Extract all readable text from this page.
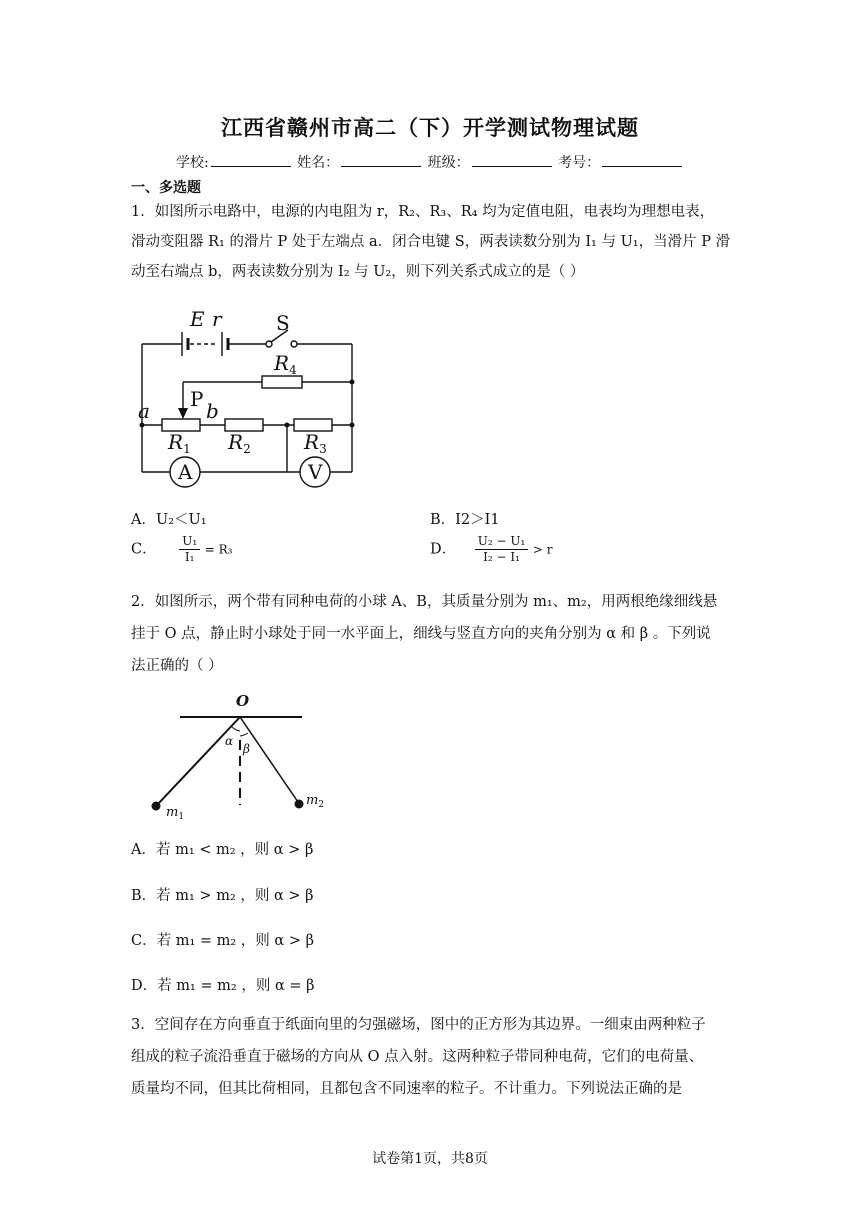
江西省赣州市高二（下）开学测试物理试题
学校:	姓名：	班级：	考号：
一、多选题
1．如图所示电路中，电源的内电阻为 r，R₂、R₃、R₄ 均为定值电阻，电表均为理想电表，
滑动变阻器 R₁ 的滑片 P 处于左端点 a．闭合电键 S，两表读数分别为 I₁ 与 U₁，当滑片 P 滑
动至右端点 b，两表读数分别为 I₂ 与 U₂，则下列关系式成立的是（ ）
E r
a	b
$R_4$
$R_1$ $R_2$	$R_3$
S
P
A	V
A．U₂＜U₁	B．I2＞I1
C． $\frac{\text{U₁}}{\text{I₁}} = R_3$	D． $\frac{\text{U₂ − U₁}}{\text{I₂ − I₁}} > r$
2．如图所示，两个带有同种电荷的小球 A、B，其质量分别为 m₁、m₂，用两根绝缘细线悬
挂于 O 点，静止时小球处于同一水平面上，细线与竖直方向的夹角分别为 α 和 β 。下列说
法正确的（ ）
O
α
β
$m_1$
$m_2$
A．若 m₁ < m₂ ，则 α > β
B．若 m₁ > m₂ ，则 α > β
C．若 m₁ = m₂ ，则 α > β
D．若 m₁ = m₂ ，则 α = β
3．空间存在方向垂直于纸面向里的匀强磁场，图中的正方形为其边界。一细束由两种粒子
组成的粒子流沿垂直于磁场的方向从 O 点入射。这两种粒子带同种电荷，它们的电荷量、
质量均不同，但其比荷相同，且都包含不同速率的粒子。不计重力。下列说法正确的是
试卷第1页，共8页
